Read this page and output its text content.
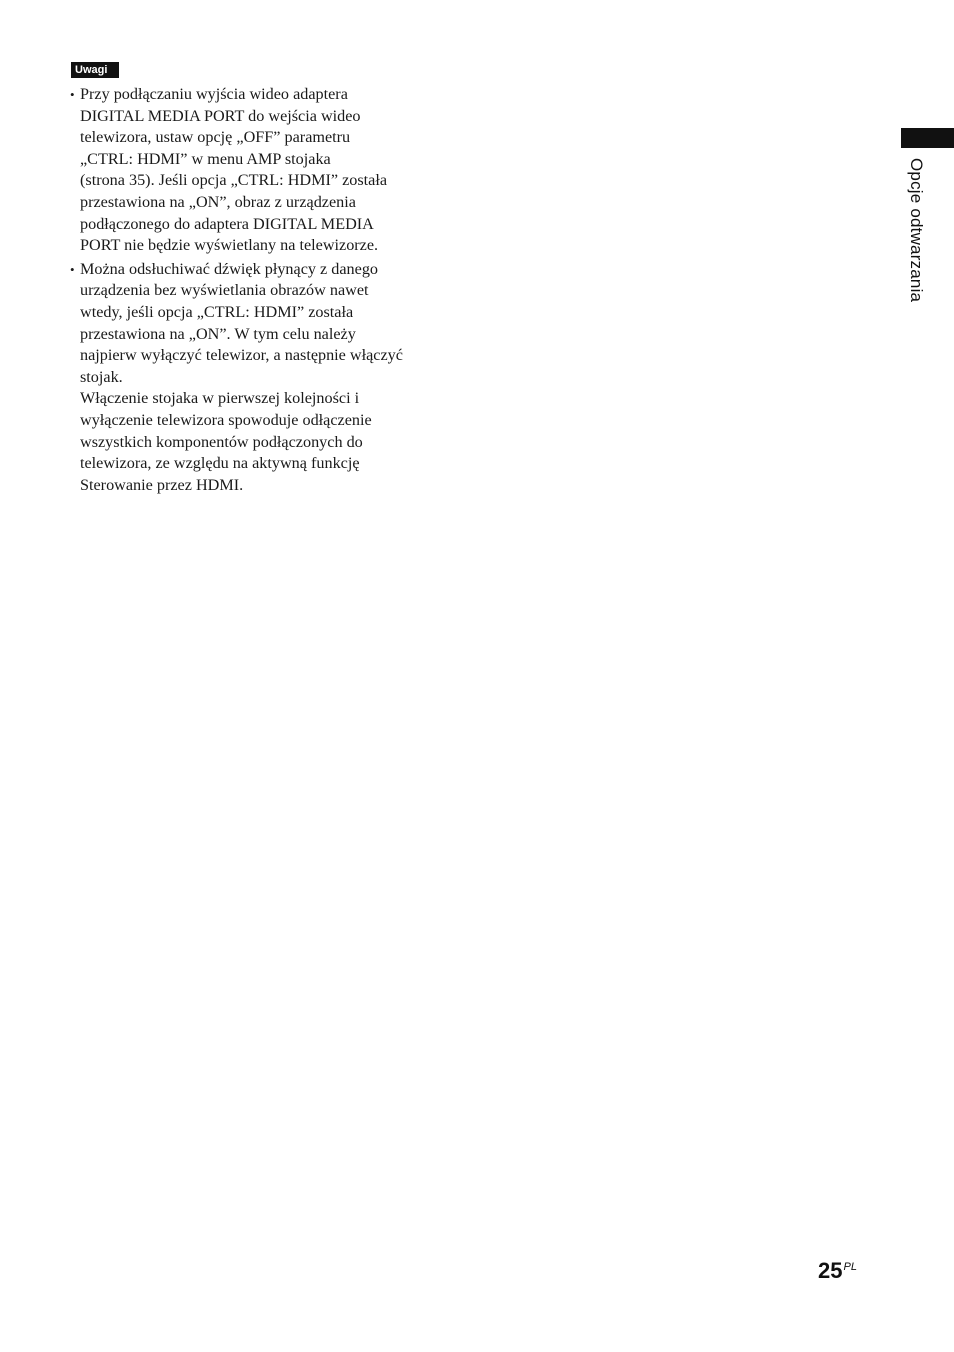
Uwagi
• Przy podłączaniu wyjścia wideo adaptera
DIGITAL MEDIA PORT do wejścia wideo
telewizora, ustaw opcję „OFF” parametru
„CTRL: HDMI” w menu AMP stojaka
(strona 35). Jeśli opcja „CTRL: HDMI” została
przestawiona na „ON”, obraz z urządzenia
podłączonego do adaptera DIGITAL MEDIA
PORT nie będzie wyświetlany na telewizorze.
• Można odsłuchiwać dźwięk płynący z danego
urządzenia bez wyświetlania obrazów nawet
wtedy, jeśli opcja „CTRL: HDMI” została
przestawiona na „ON”. W tym celu należy
najpierw wyłączyć telewizor, a następnie włączyć
stojak.
Włączenie stojaka w pierwszej kolejności i
wyłączenie telewizora spowoduje odłączenie
wszystkich komponentów podłączonych do
telewizora, ze względu na aktywną funkcję
Sterowanie przez HDMI.
Opcje odtwarzania
$25^{PL}$
